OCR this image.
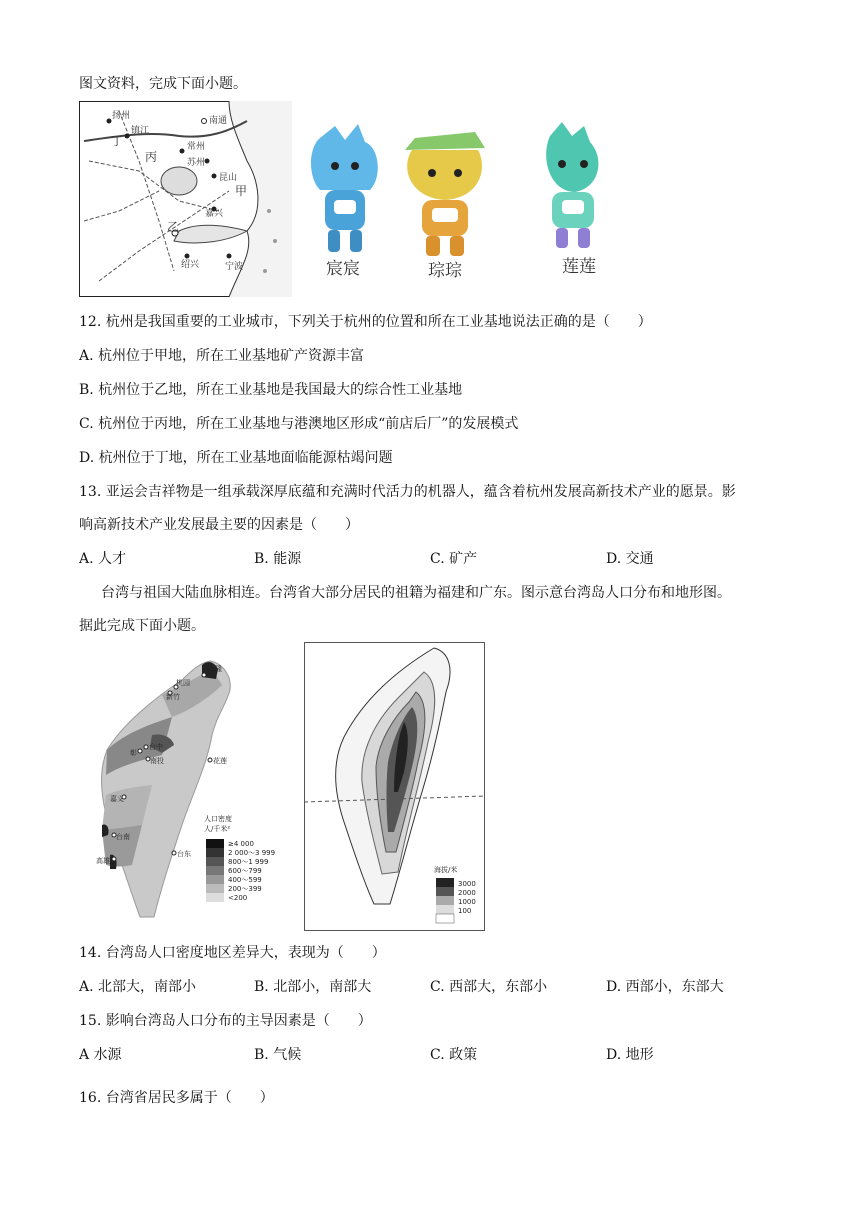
图文资料，完成下面小题。
扬州
镇江
南通
丁	常州
丙	苏州
昆山
甲
嘉兴
乙
绍兴	宁波	宸宸	琮琮	莲莲
12. 杭州是我国重要的工业城市，下列关于杭州的位置和所在工业基地说法正确的是（　　）
A. 杭州位于甲地，所在工业基地矿产资源丰富
B. 杭州位于乙地，所在工业基地是我国最大的综合性工业基地
C. 杭州位于丙地，所在工业基地与港澳地区形成“前店后厂”的发展模式
D. 杭州位于丁地，所在工业基地面临能源枯竭问题
13. 亚运会吉祥物是一组承载深厚底蕴和充满时代活力的机器人，蕴含着杭州发展高新技术产业的愿景。影
响高新技术产业发展最主要的因素是（　　）
A. 人才	B. 能源	C. 矿产	D. 交通
台湾与祖国大陆血脉相连。台湾省大部分居民的祖籍为福建和广东。图示意台湾岛人口分布和地形图。
据此完成下面小题。
桃园
基隆
新竹
台中
彰
南投	花莲
嘉义
台南
高雄
台东
人口密度
人/千米²
≥4 000
2 000～3 999
800～1 999
600～799
400～599
200～399
<200
海拔/米
3000
2000
1000
100
14. 台湾岛人口密度地区差异大，表现为（　　）
A. 北部大，南部小	B. 北部小，南部大	C. 西部大，东部小	D. 西部小，东部大
15. 影响台湾岛人口分布的主导因素是（　　）
A 水源	B. 气候	C. 政策	D. 地形
16. 台湾省居民多属于（　　）
